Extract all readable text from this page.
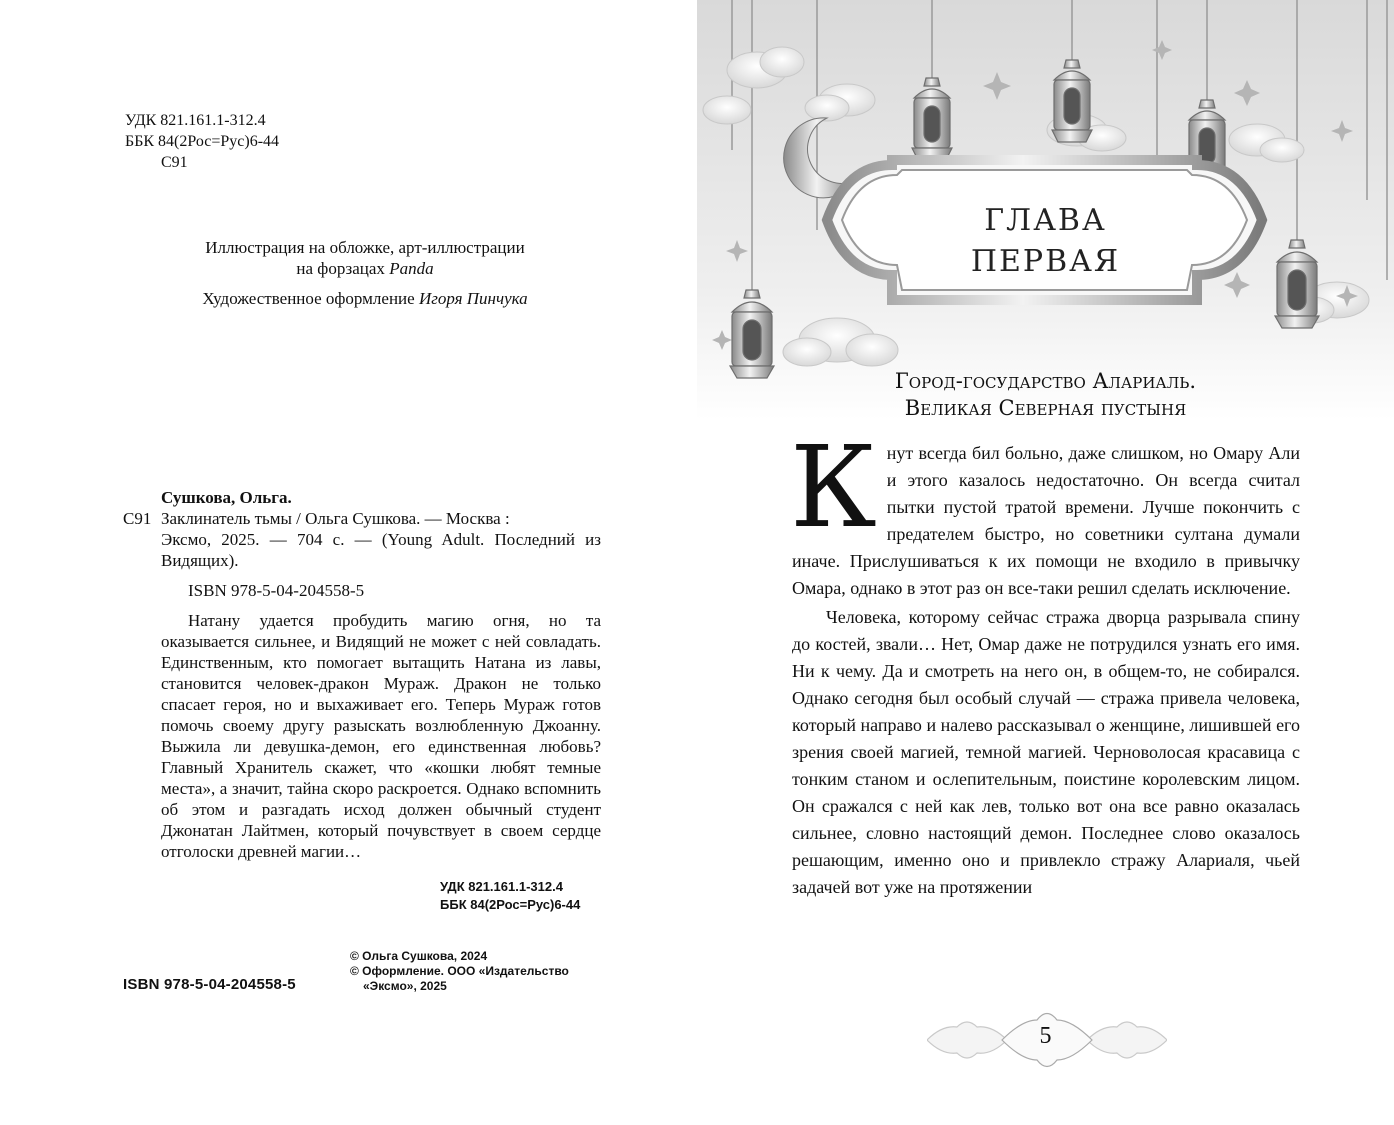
УДК 821.161.1-312.4
ББК 84(2Рос=Рус)6-44
С91

Иллюстрация на обложке, арт-иллюстрации

на форзацах Panda

Художественное оформление Игоря Пинчука

Сушкова, Ольга.
С91 Заклинатель тьмы / Ольга Сушкова. — Москва :
Эксмо, 2025. — 704 с. — (Young Adult. Последний из Видящих).
ISBN 978-5-04-204558-5
Натану удается пробудить магию огня, но та оказывается сильнее, и Видящий не может с ней совладать. Единственным, кто помогает вытащить Натана из лавы, становится человек-дракон Мураж. Дракон не только спасает героя, но и выхаживает его. Теперь Мураж готов помочь своему другу разыскать возлюбленную Джоанну. Выжила ли девушка-демон, его единственная любовь? Главный Хранитель скажет, что «кошки любят темные места», а значит, тайна скоро раскроется. Однако вспомнить об этом и разгадать исход должен обычный студент Джонатан Лайтмен, который почувствует в своем сердце отголоски древней магии…
УДК 821.161.1-312.4
ББК 84(2Рос=Рус)6-44
© Ольга Сушкова, 2024
© Оформление. ООО «Издательство
«Эксмо», 2025
ISBN 978-5-04-204558-5
ГЛАВА
ПЕРВАЯ
Город-государство Алариаль.
Великая Северная пустыня

Кнут всегда бил больно, даже слишком, но Омару Али и этого казалось недостаточно. Он всегда считал пытки пустой тратой времени. Лучше покончить с предателем быстро, но советники султана думали иначе. Прислушиваться к их помощи не входило в привычку Омара, однако в этот раз он все-таки решил сделать исключение.

Человека, которому сейчас стража дворца разрывала спину до костей, звали… Нет, Омар даже не потрудился узнать его имя. Ни к чему. Да и смотреть на него он, в общем-то, не собирался. Однако сегодня был особый случай — стража привела человека, который направо и налево рассказывал о женщине, лишившей его зрения своей магией, темной магией. Черноволосая красавица с тонким станом и ослепительным, поистине королевским лицом. Он сражался с ней как лев, только вот она все равно оказалась сильнее, словно настоящий демон. Последнее слово оказалось решающим, именно оно и привлекло стражу Алариаля, чьей задачей вот уже на протяжении

5
